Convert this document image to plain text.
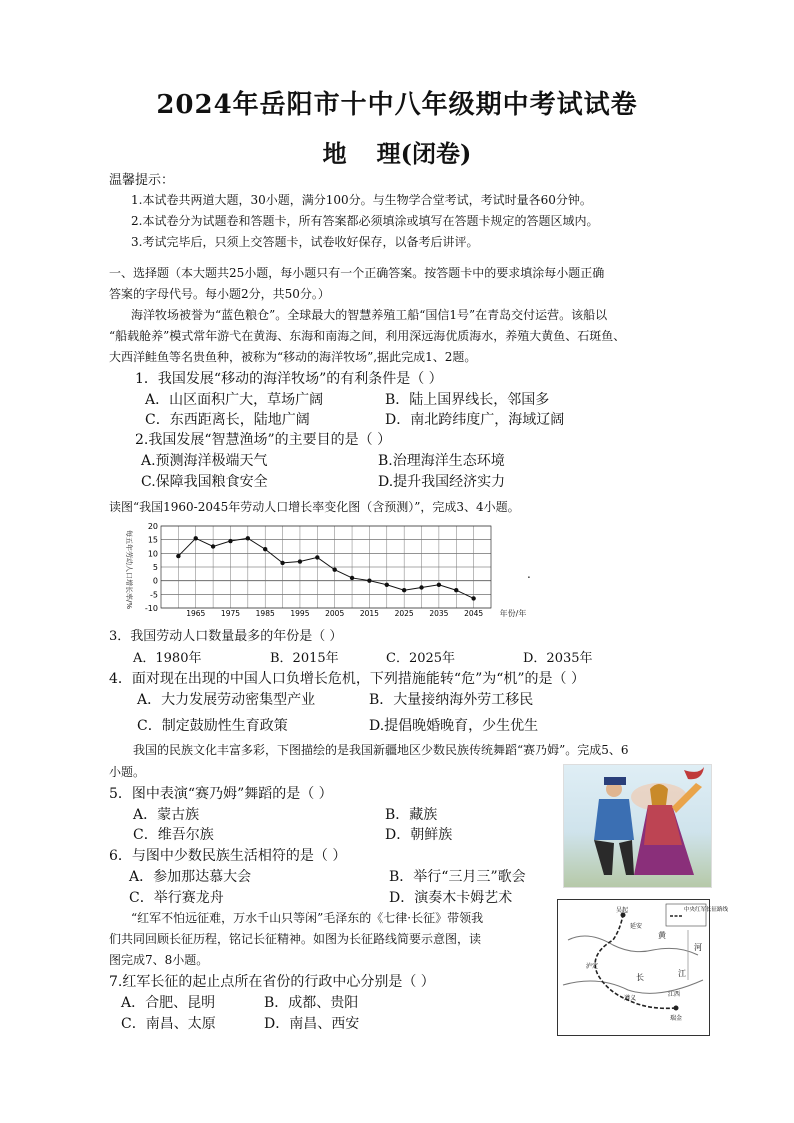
2024年岳阳市十中八年级期中考试试卷
地 理(闭卷)
温馨提示：
1.本试卷共两道大题，30小题，满分100分。与生物学合堂考试，考试时量各60分钟。
2.本试卷分为试题卷和答题卡，所有答案都必须填涂或填写在答题卡规定的答题区域内。
3.考试完毕后，只须上交答题卡，试卷收好保存，以备考后讲评。
一、选择题（本大题共25小题，每小题只有一个正确答案。按答题卡中的要求填涂每小题正确
答案的字母代号。每小题2分，共50分。）
海洋牧场被誉为“蓝色粮仓”。全球最大的智慧养殖工船“国信1号”在青岛交付运营。该船以
“船载舱养”模式常年游弋在黄海、东海和南海之间，利用深远海优质海水，养殖大黄鱼、石斑鱼、
大西洋鲑鱼等名贵鱼种，被称为“移动的海洋牧场”,据此完成1、2题。
1．我国发展“移动的海洋牧场”的有利条件是（ ）
A．山区面积广大，草场广阔	B．陆上国界线长，邻国多
C．东西距离长，陆地广阔	D．南北跨纬度广，海域辽阔
2.我国发展“智慧渔场”的主要目的是（ ）
A.预测海洋极端天气	B.治理海洋生态环境
C.保障我国粮食安全	D.提升我国经济实力
读图“我国1960-2045年劳动人口增长率变化图（含预测）”，完成3、4小题。
每五年劳动人口增长率/%
20
15
10
5
0
-5
-10
1965 1975 1985 1995 2005 2015 2025 2035 2045 年份/年
.
3．我国劳动人口数量最多的年份是（ ）
A．1980年	B．2015年	C．2025年	D．2035年
4．面对现在出现的中国人口负增长危机，下列措施能转“危”为“机”的是（ ）
A．大力发展劳动密集型产业	B．大量接纳海外劳工移民
C．制定鼓励性生育政策	D.提倡晚婚晚育，少生优生
我国的民族文化丰富多彩，下图描绘的是我国新疆地区少数民族传统舞蹈“赛乃姆”。完成5、6
小题。
5．图中表演“赛乃姆”舞蹈的是（ ）
A．蒙古族	B．藏族
C．维吾尔族	D．朝鲜族
6．与图中少数民族生活相符的是（ ）
A．参加那达慕大会	B．举行“三月三”歌会
C．举行赛龙舟	D．演奏木卡姆艺术
“红军不怕远征难，万水千山只等闲”毛泽东的《七律·长征》带领我
们共同回顾长征历程，铭记长征精神。如图为长征路线简要示意图，读
图完成7、8小题。
中央红军长征路线
吴起
延安
泸定
遵义
江西
瑞金
长	江
黄
河
7.红军长征的起止点所在省份的行政中心分别是（ ）
A．合肥、昆明	B．成都、贵阳
C．南昌、太原	D．南昌、西安
